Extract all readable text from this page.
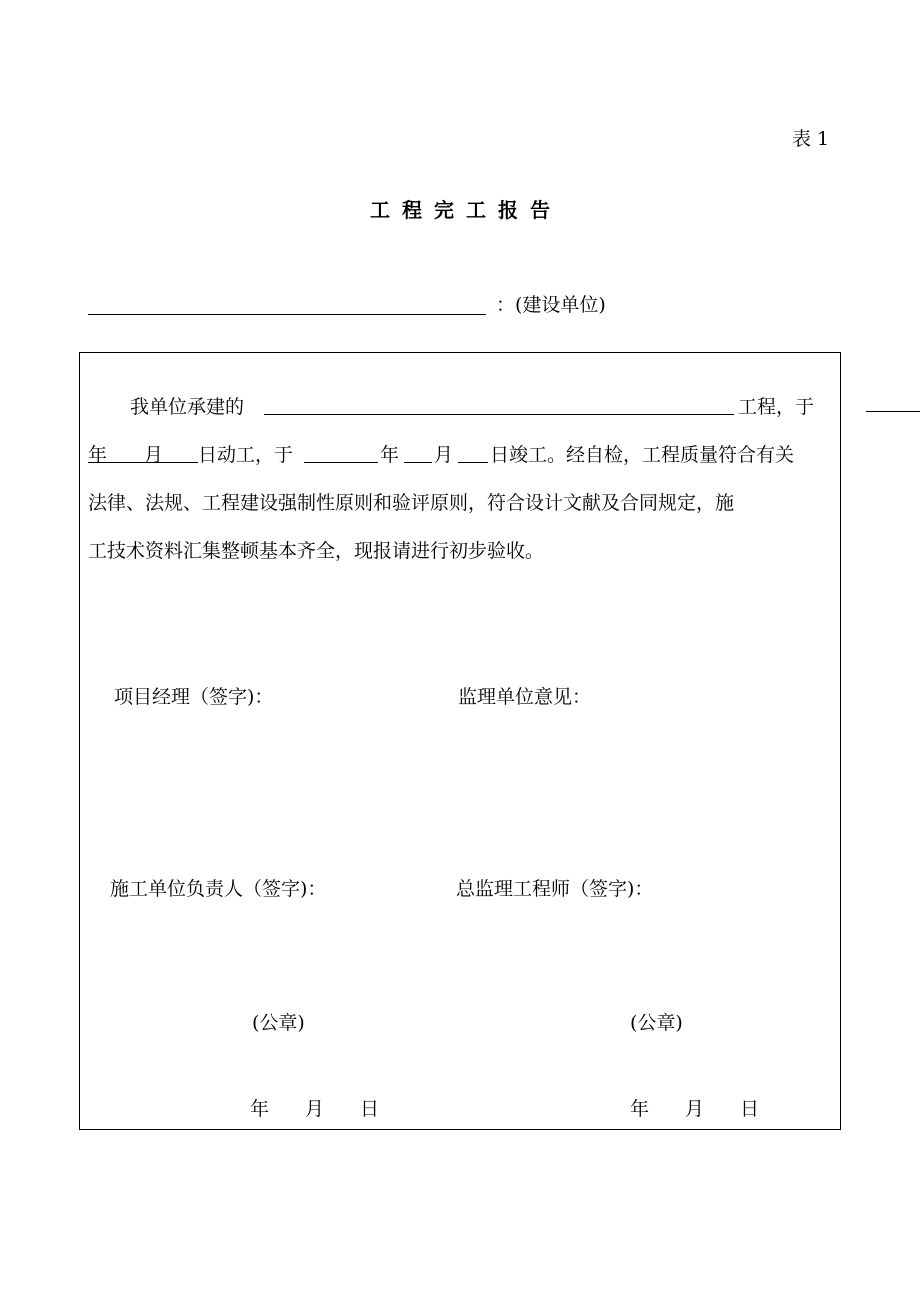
表 1
工程完工报告
：(建设单位)
我单位承建的	工程，于
年 月 日动工，于	年 月 日竣工。经自检，工程质量符合有关
法律、法规、工程建设强制性原则和验评原则，符合设计文献及合同规定，施
工技术资料汇集整顿基本齐全，现报请进行初步验收。
项目经理（签字)：	监理单位意见：
施工单位负责人（签字)：	总监理工程师（签字)：
(公章)	(公章)
年 月 日	年 月 日
